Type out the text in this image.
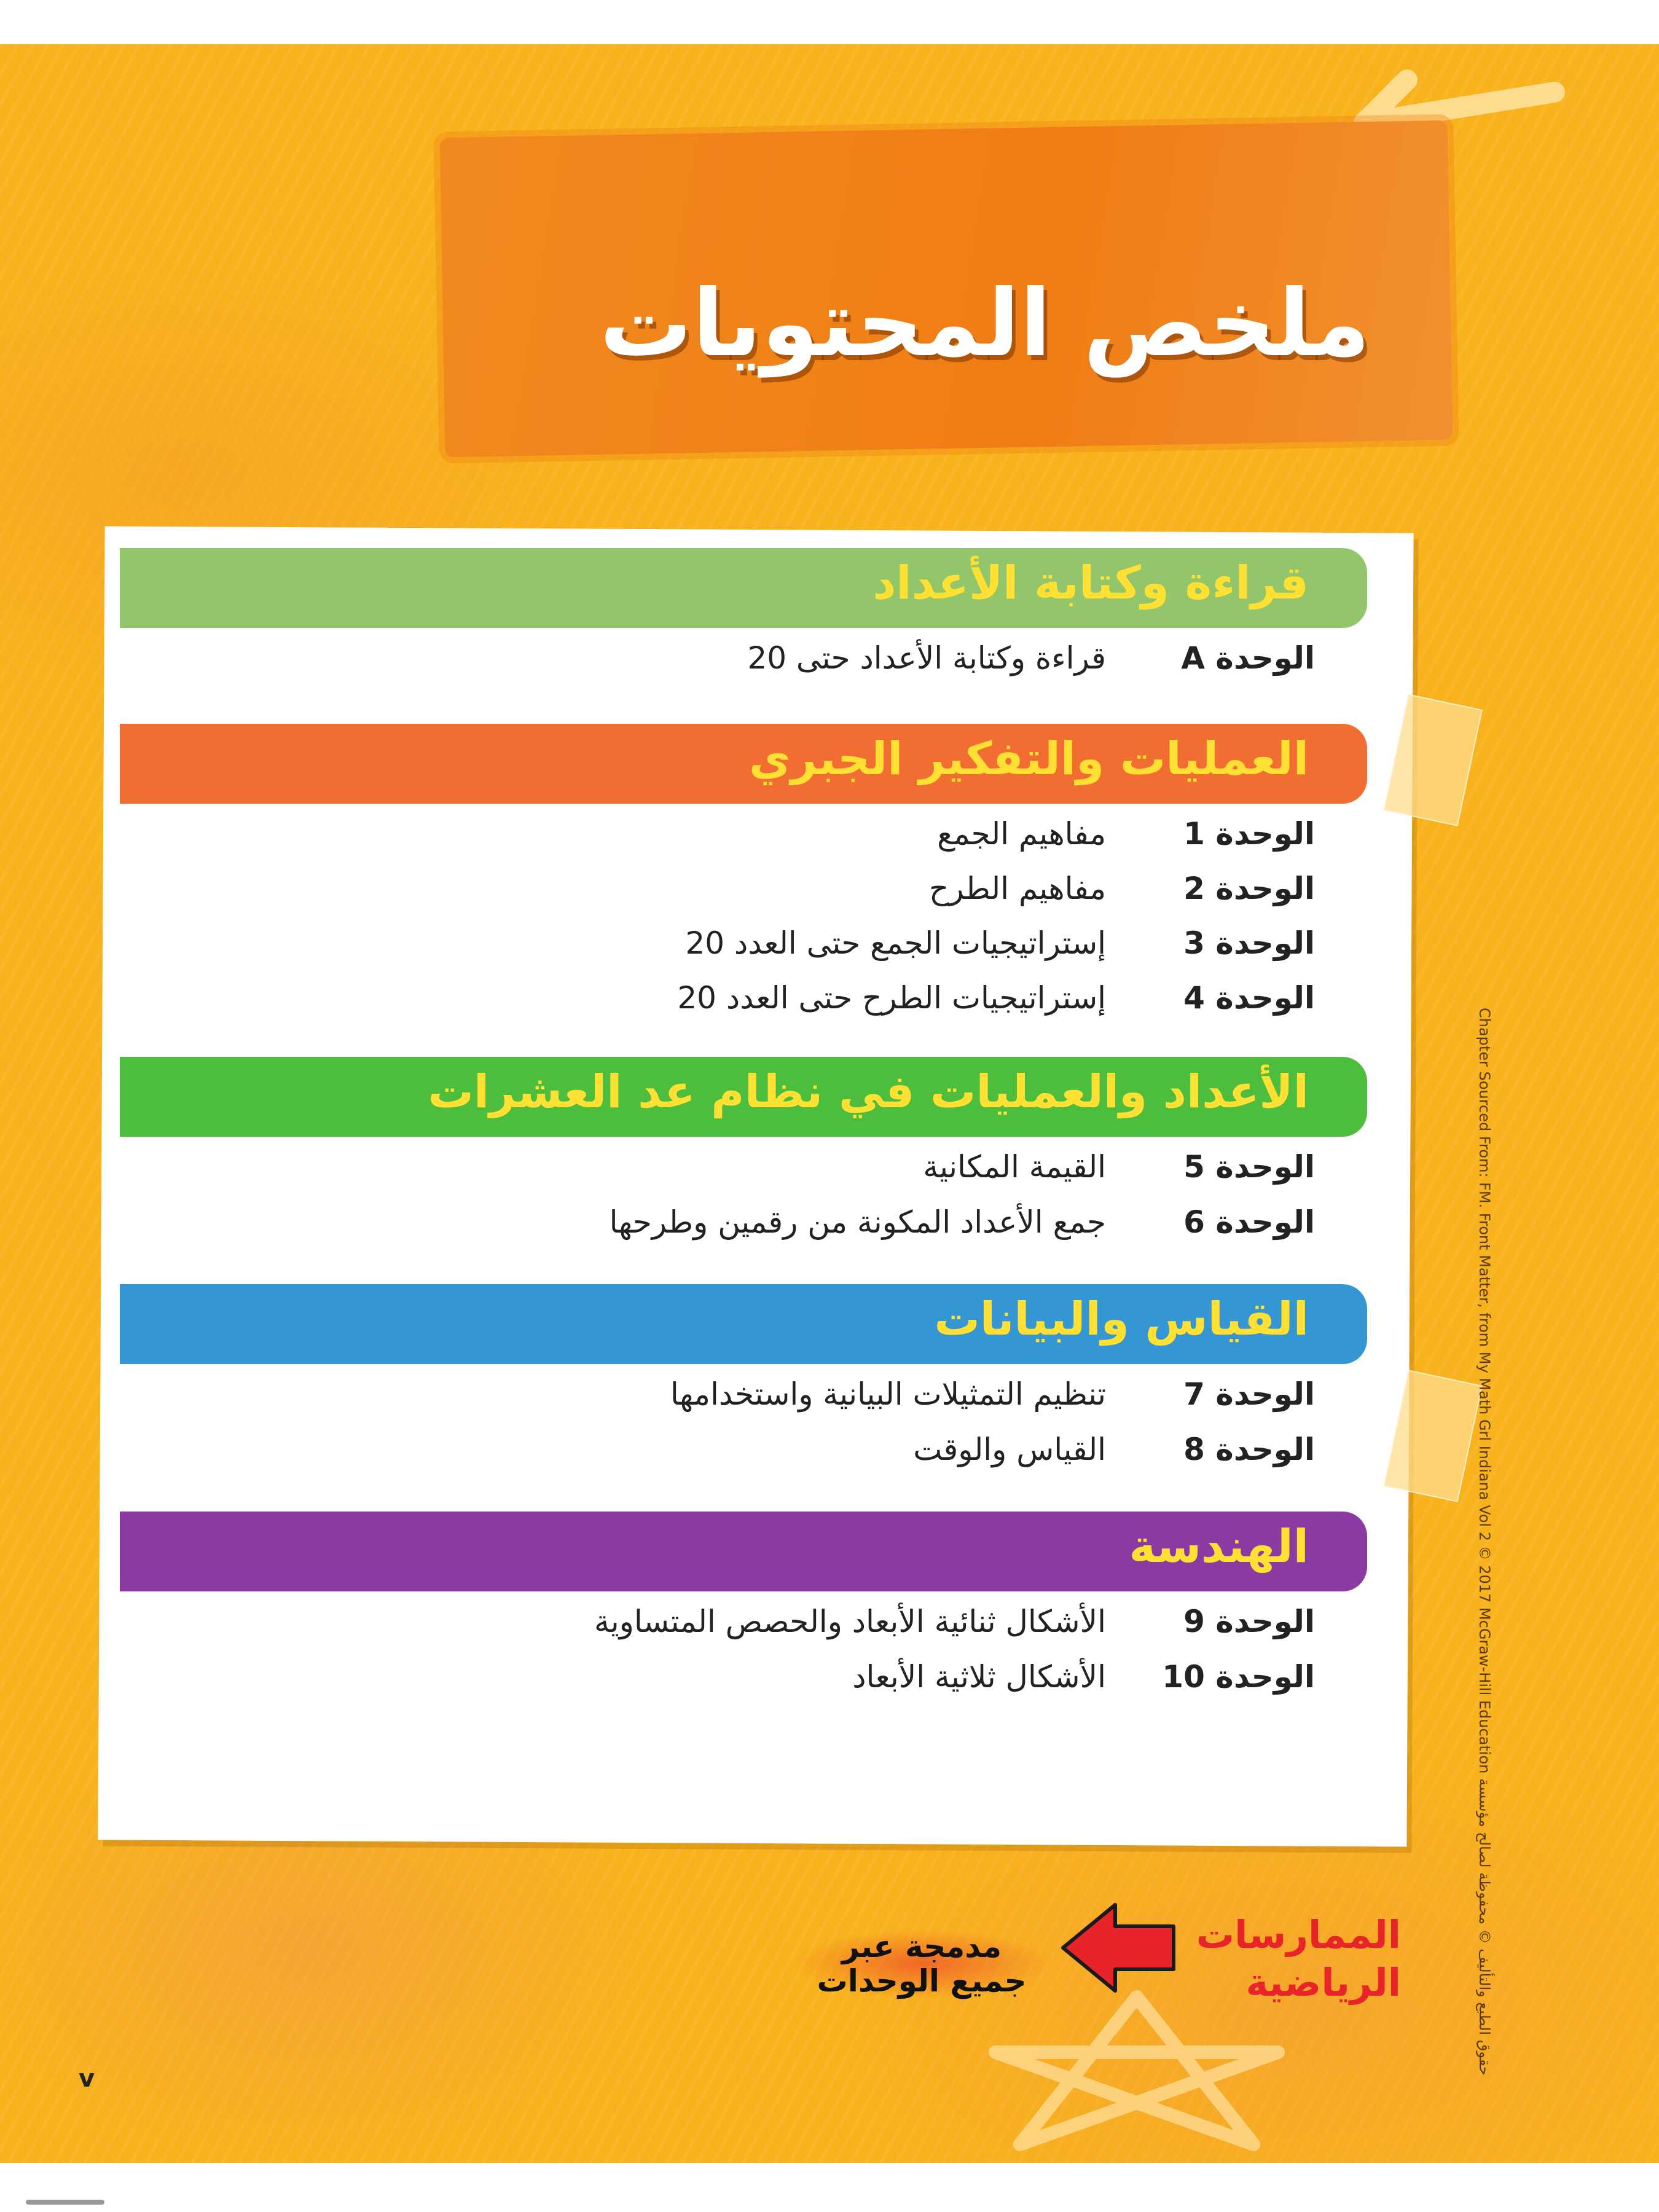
ملخص المحتويات
قراءة وكتابة الأعداد
الوحدة A
قراءة وكتابة الأعداد حتى 20
العمليات والتفكير الجبري
الوحدة 1
مفاهيم الجمع
الوحدة 2
مفاهيم الطرح
الوحدة 3
إستراتيجيات الجمع حتى العدد 20
الوحدة 4
إستراتيجيات الطرح حتى العدد 20
الأعداد والعمليات في نظام عد العشرات
الوحدة 5
القيمة المكانية
الوحدة 6
جمع الأعداد المكونة من رقمين وطرحها
القياس والبيانات
الوحدة 7
تنظيم التمثيلات البيانية واستخدامها
الوحدة 8
القياس والوقت
الهندسة
الوحدة 9
الأشكال ثنائية الأبعاد والحصص المتساوية
الوحدة 10
الأشكال ثلاثية الأبعاد
الممارسات
الرياضية
مدمجة عبر
جميع الوحدات
Chapter Sourced From: FM. Front Matter, from My Math Grl Indiana Vol 2 © 2017 McGraw-Hill Education حقوق الطبع والتأليف © محفوظة لصالح مؤسسة
v
